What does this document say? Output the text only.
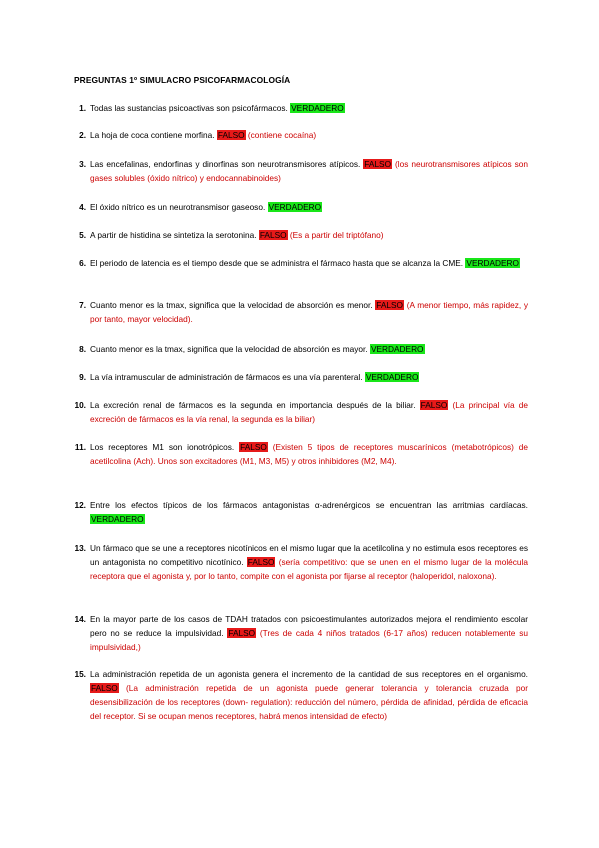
PREGUNTAS 1º SIMULACRO PSICOFARMACOLOGÍA
1. Todas las sustancias psicoactivas son psicofármacos. VERDADERO
2. La hoja de coca contiene morfina. FALSO (contiene cocaína)
3. Las encefalinas, endorfinas y dinorfinas son neurotransmisores atípicos. FALSO (los neurotransmisores atípicos son gases solubles (óxido nítrico) y endocannabinoides)
4. El óxido nítrico es un neurotransmisor gaseoso. VERDADERO
5. A partir de histidina se sintetiza la serotonina. FALSO (Es a partir del triptófano)
6. El periodo de latencia es el tiempo desde que se administra el fármaco hasta que se alcanza la CME. VERDADERO
7. Cuanto menor es la tmax, significa que la velocidad de absorción es menor. FALSO (A menor tiempo, más rapidez, y por tanto, mayor velocidad).
8. Cuanto menor es la tmax, significa que la velocidad de absorción es mayor. VERDADERO
9. La vía intramuscular de administración de fármacos es una vía parenteral. VERDADERO
10. La excreción renal de fármacos es la segunda en importancia después de la biliar. FALSO (La principal vía de excreción de fármacos es la vía renal, la segunda es la biliar)
11. Los receptores M1 son ionotrópicos. FALSO (Existen 5 tipos de receptores muscarínicos (metabotrópicos) de acetilcolina (Ach). Unos son excitadores (M1, M3, M5) y otros inhibidores (M2, M4).
12. Entre los efectos típicos de los fármacos antagonistas α-adrenérgicos se encuentran las arritmias cardíacas. VERDADERO
13. Un fármaco que se une a receptores nicotínicos en el mismo lugar que la acetilcolina y no estimula esos receptores es un antagonista no competitivo nicotínico. FALSO (sería competitivo: que se unen en el mismo lugar de la molécula receptora que el agonista y, por lo tanto, compite con el agonista por fijarse al receptor (haloperidol, naloxona).
14. En la mayor parte de los casos de TDAH tratados con psicoestimulantes autorizados mejora el rendimiento escolar pero no se reduce la impulsividad. FALSO (Tres de cada 4 niños tratados (6-17 años) reducen notablemente su impulsividad,)
15. La administración repetida de un agonista genera el incremento de la cantidad de sus receptores en el organismo. FALSO (La administración repetida de un agonista puede generar tolerancia y tolerancia cruzada por desensibilización de los receptores (down- regulation): reducción del número, pérdida de afinidad, pérdida de eficacia del receptor. Si se ocupan menos receptores, habrá menos intensidad de efecto)
